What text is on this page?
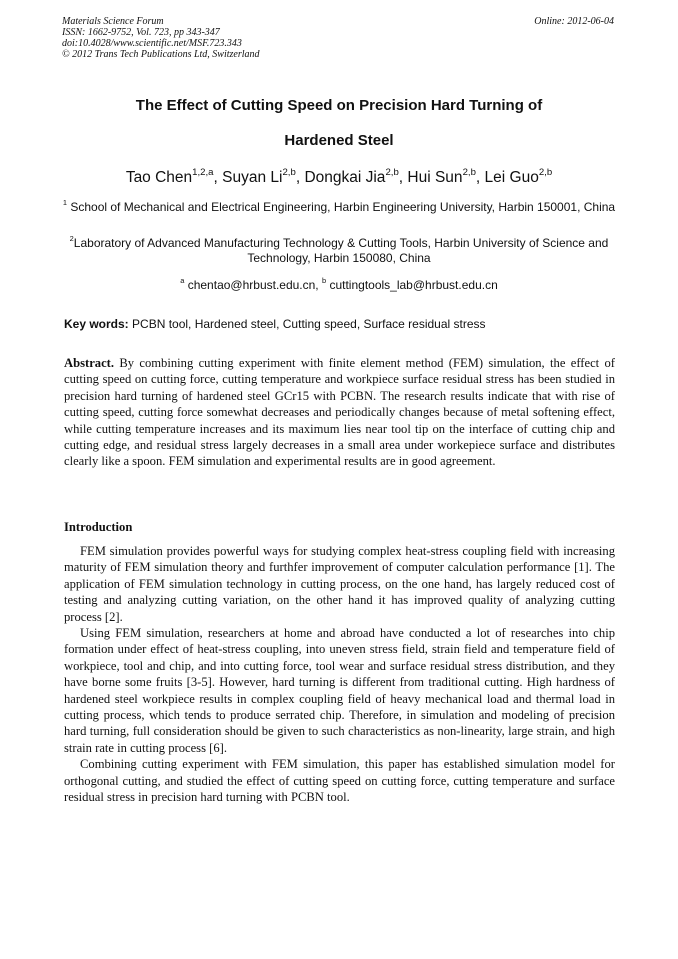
Materials Science Forum
ISSN: 1662-9752, Vol. 723, pp 343-347
doi:10.4028/www.scientific.net/MSF.723.343
© 2012 Trans Tech Publications Ltd, Switzerland
Online: 2012-06-04
The Effect of Cutting Speed on Precision Hard Turning of
Hardened Steel
Tao Chen$^{1,2,a}$, Suyan Li$^{2,b}$, Dongkai Jia$^{2,b}$, Hui Sun$^{2,b}$, Lei Guo$^{2,b}$
$^1$ School of Mechanical and Electrical Engineering, Harbin Engineering University, Harbin 150001, China
$^2$Laboratory of Advanced Manufacturing Technology & Cutting Tools, Harbin University of Science and Technology, Harbin 150080, China
$^a$ chentao@hrbust.edu.cn, $^b$ cuttingtools_lab@hrbust.edu.cn
Key words: PCBN tool, Hardened steel, Cutting speed, Surface residual stress
Abstract. By combining cutting experiment with finite element method (FEM) simulation, the effect of cutting speed on cutting force, cutting temperature and workpiece surface residual stress has been studied in precision hard turning of hardened steel GCr15 with PCBN. The research results indicate that with rise of cutting speed, cutting force somewhat decreases and periodically changes because of metal softening effect, while cutting temperature increases and its maximum lies near tool tip on the interface of cutting chip and cutting edge, and residual stress largely decreases in a small area under workepiece surface and distributes clearly like a spoon. FEM simulation and experimental results are in good agreement.
Introduction

FEM simulation provides powerful ways for studying complex heat-stress coupling field with increasing maturity of FEM simulation theory and furthfer improvement of computer calculation performance [1]. The application of FEM simulation technology in cutting process, on the one hand, has largely reduced cost of testing and analyzing cutting variation, on the other hand it has improved quality of analyzing cutting process [2].

Using FEM simulation, researchers at home and abroad have conducted a lot of researches into chip formation under effect of heat-stress coupling, into uneven stress field, strain field and temperature field of workpiece, tool and chip, and into cutting force, tool wear and surface residual stress distribution, and they have borne some fruits [3-5]. However, hard turning is different from traditional cutting. High hardness of hardened steel workpiece results in complex coupling field of heavy mechanical load and thermal load in cutting process, which tends to produce serrated chip. Therefore, in simulation and modeling of precision hard turning, full consideration should be given to such characteristics as non-linearity, large strain, and high strain rate in cutting process [6].

Combining cutting experiment with FEM simulation, this paper has established simulation model for orthogonal cutting, and studied the effect of cutting speed on cutting force, cutting temperature and surface residual stress in precision hard turning with PCBN tool.
